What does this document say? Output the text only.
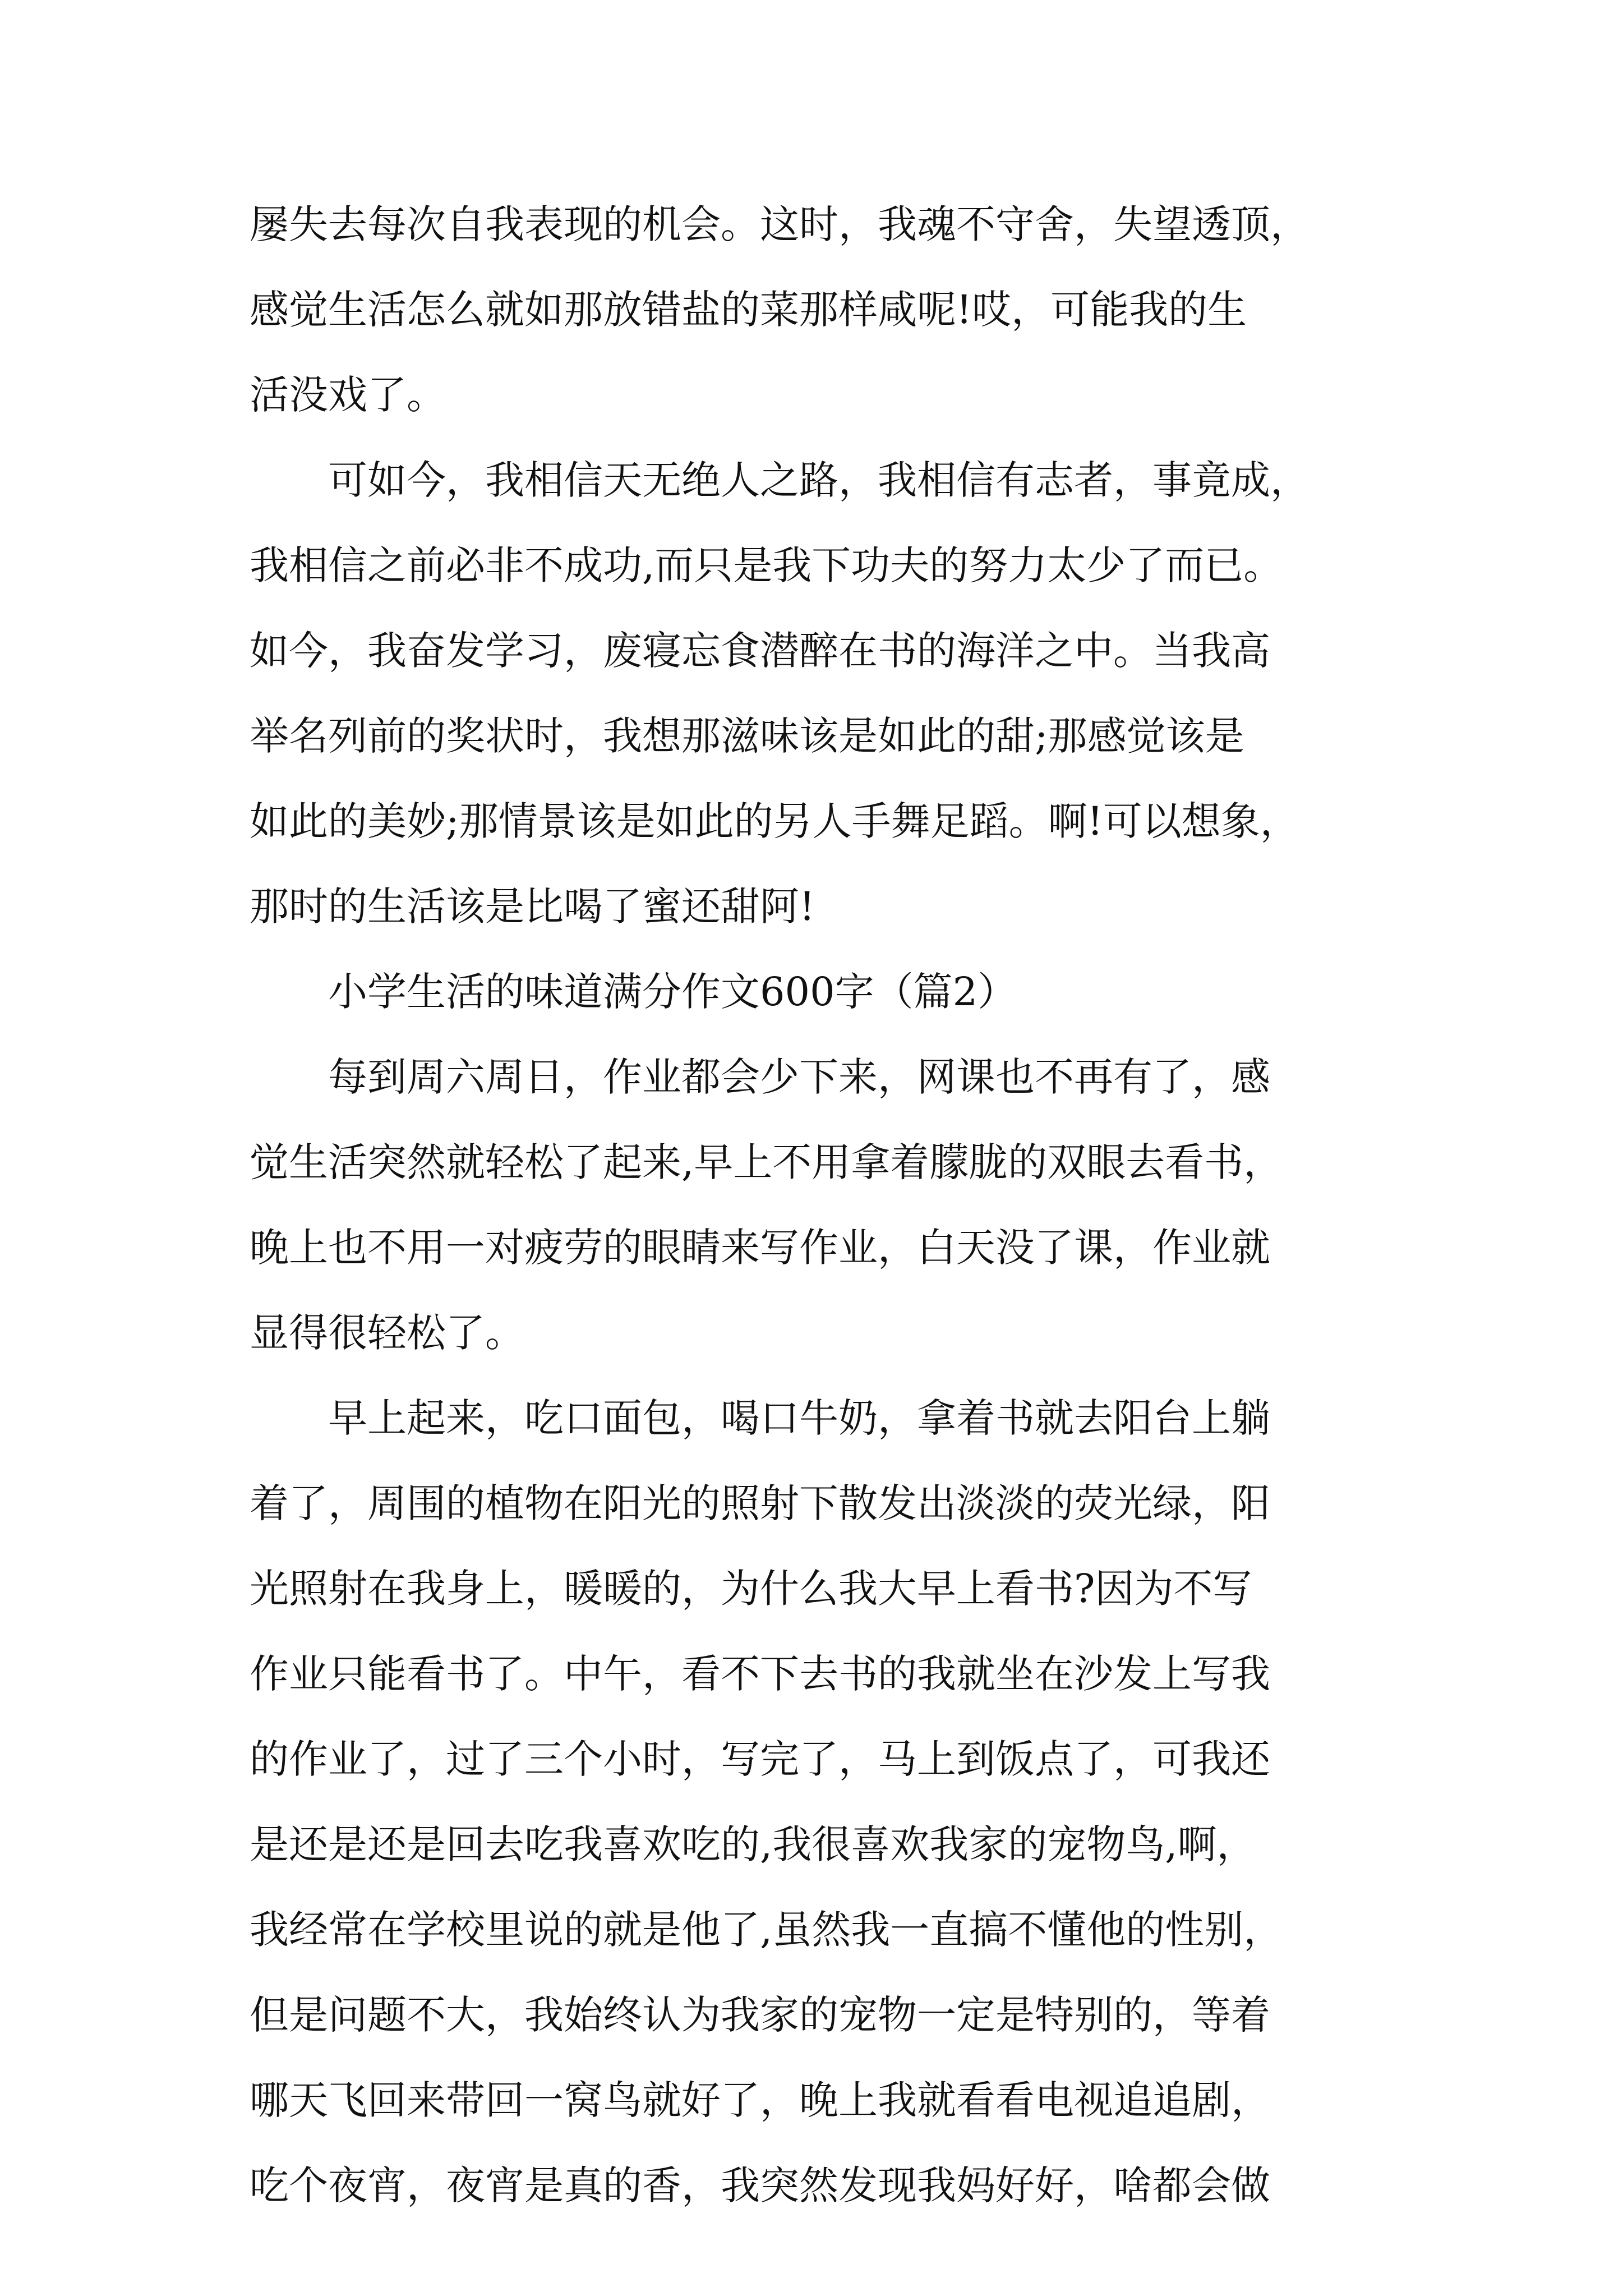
屡失去每次自我表现的机会。这时，我魂不守舍，失望透顶，
感觉生活怎么就如那放错盐的菜那样咸呢!哎，可能我的生
活没戏了。
　　可如今，我相信天无绝人之路，我相信有志者，事竟成，
我相信之前必非不成功,而只是我下功夫的努力太少了而已。
如今，我奋发学习，废寝忘食潜醉在书的海洋之中。当我高
举名列前的奖状时，我想那滋味该是如此的甜;那感觉该是
如此的美妙;那情景该是如此的另人手舞足蹈。啊!可以想象，
那时的生活该是比喝了蜜还甜阿!
　　小学生活的味道满分作文600字（篇2）
　　每到周六周日，作业都会少下来，网课也不再有了，感
觉生活突然就轻松了起来,早上不用拿着朦胧的双眼去看书，
晚上也不用一对疲劳的眼睛来写作业，白天没了课，作业就
显得很轻松了。
　　早上起来，吃口面包，喝口牛奶，拿着书就去阳台上躺
着了，周围的植物在阳光的照射下散发出淡淡的荧光绿，阳
光照射在我身上，暖暖的，为什么我大早上看书?因为不写
作业只能看书了。中午，看不下去书的我就坐在沙发上写我
的作业了，过了三个小时，写完了，马上到饭点了，可我还
是还是还是回去吃我喜欢吃的,我很喜欢我家的宠物鸟,啊，
我经常在学校里说的就是他了,虽然我一直搞不懂他的性别，
但是问题不大，我始终认为我家的宠物一定是特别的，等着
哪天飞回来带回一窝鸟就好了，晚上我就看看电视追追剧，
吃个夜宵，夜宵是真的香，我突然发现我妈好好，啥都会做
